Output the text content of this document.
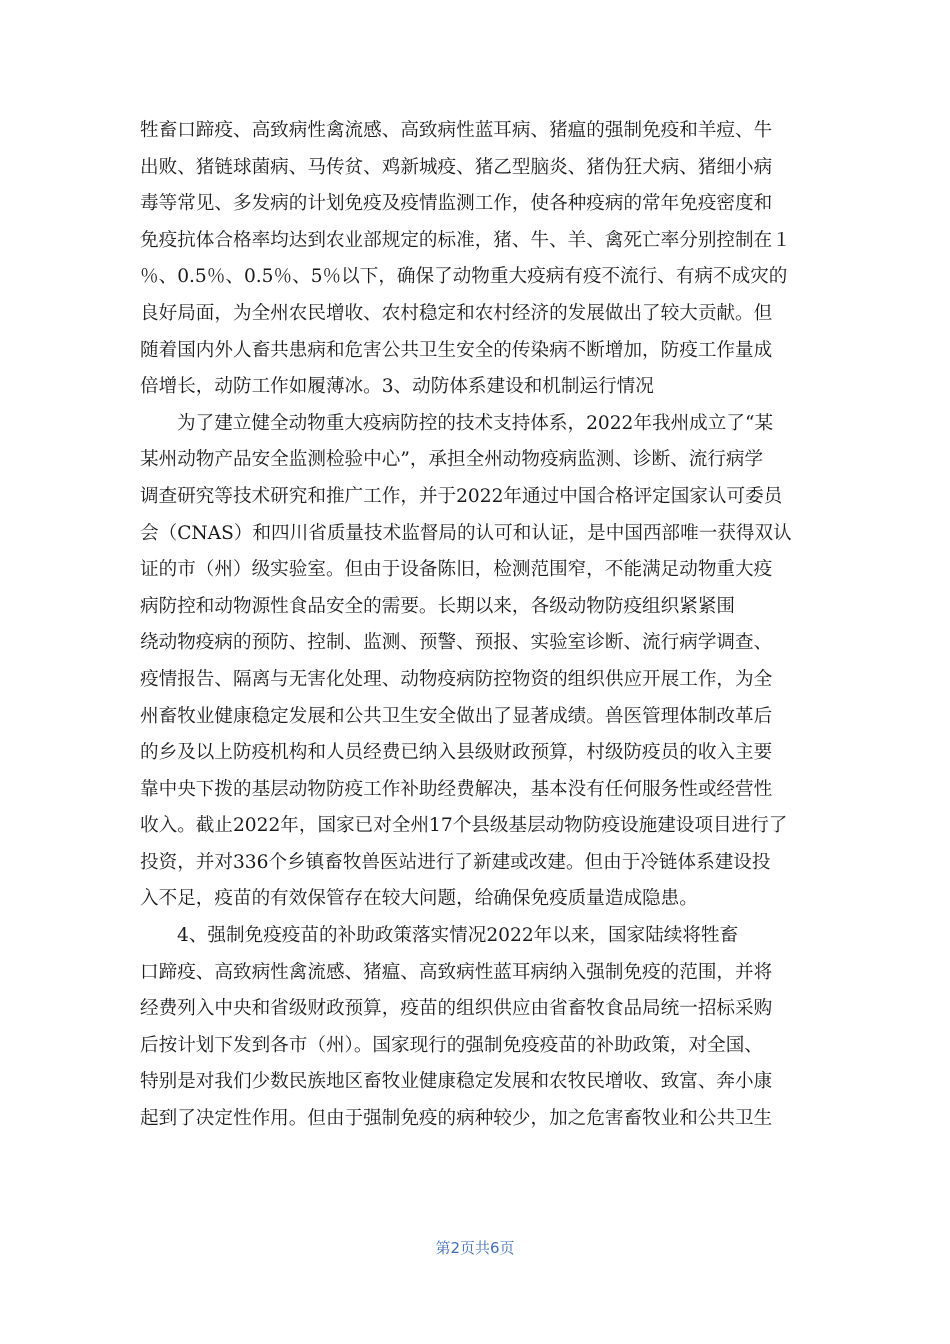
牲畜口蹄疫、高致病性禽流感、高致病性蓝耳病、猪瘟的强制免疫和羊痘、牛
出败、猪链球菌病、马传贫、鸡新城疫、猪乙型脑炎、猪伪狂犬病、猪细小病
毒等常见、多发病的计划免疫及疫情监测工作，使各种疫病的常年免疫密度和
免疫抗体合格率均达到农业部规定的标准，猪、牛、羊、禽死亡率分别控制在１
％、0.5％、0.5％、5％以下，确保了动物重大疫病有疫不流行、有病不成灾的
良好局面，为全州农民增收、农村稳定和农村经济的发展做出了较大贡献。但
随着国内外人畜共患病和危害公共卫生安全的传染病不断增加，防疫工作量成
倍增长，动防工作如履薄冰。3、动防体系建设和机制运行情况
为了建立健全动物重大疫病防控的技术支持体系，2022年我州成立了“某
某州动物产品安全监测检验中心”，承担全州动物疫病监测、诊断、流行病学
调查研究等技术研究和推广工作，并于2022年通过中国合格评定国家认可委员
会（CNAS）和四川省质量技术监督局的认可和认证，是中国西部唯一获得双认
证的市（州）级实验室。但由于设备陈旧，检测范围窄，不能满足动物重大疫
病防控和动物源性食品安全的需要。长期以来，各级动物防疫组织紧紧围
绕动物疫病的预防、控制、监测、预警、预报、实验室诊断、流行病学调查、
疫情报告、隔离与无害化处理、动物疫病防控物资的组织供应开展工作，为全
州畜牧业健康稳定发展和公共卫生安全做出了显著成绩。兽医管理体制改革后
的乡及以上防疫机构和人员经费已纳入县级财政预算，村级防疫员的收入主要
靠中央下拨的基层动物防疫工作补助经费解决，基本没有任何服务性或经营性
收入。截止2022年，国家已对全州17个县级基层动物防疫设施建设项目进行了
投资，并对336个乡镇畜牧兽医站进行了新建或改建。但由于冷链体系建设投
入不足，疫苗的有效保管存在较大问题，给确保免疫质量造成隐患。
4、强制免疫疫苗的补助政策落实情况2022年以来，国家陆续将牲畜
口蹄疫、高致病性禽流感、猪瘟、高致病性蓝耳病纳入强制免疫的范围，并将
经费列入中央和省级财政预算，疫苗的组织供应由省畜牧食品局统一招标采购
后按计划下发到各市（州）。国家现行的强制免疫疫苗的补助政策，对全国、
特别是对我们少数民族地区畜牧业健康稳定发展和农牧民增收、致富、奔小康
起到了决定性作用。但由于强制免疫的病种较少，加之危害畜牧业和公共卫生
第2页共6页
